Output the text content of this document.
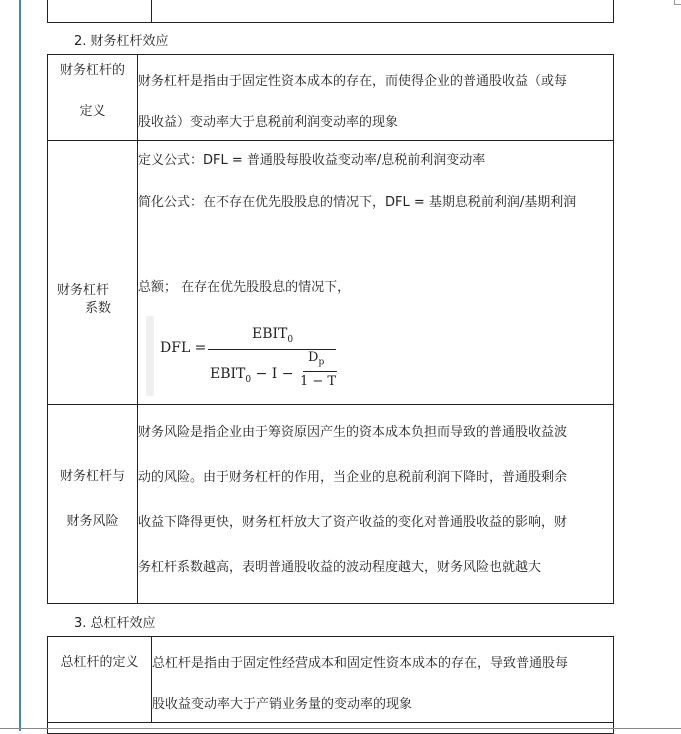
2. 财务杠杆效应
财务杠杆的
定义
财务杠杆是指由于固定性资本成本的存在，而使得企业的普通股收益（或每
股收益）变动率大于息税前利润变动率的现象
财务杠杆
系数
定义公式：DFL = 普通股每股收益变动率/息税前利润变动率
简化公式：在不存在优先股股息的情况下，DFL = 基期息税前利润/基期利润
总额； 在存在优先股股息的情况下，
DFL =
$EBIT_0$
$EBIT_0 - I$ −
$D_p$
1 − T
财务杠杆与
财务风险
财务风险是指企业由于筹资原因产生的资本成本负担而导致的普通股收益波
动的风险。由于财务杠杆的作用，当企业的息税前利润下降时，普通股剩余
收益下降得更快，财务杠杆放大了资产收益的变化对普通股收益的影响，财
务杠杆系数越高，表明普通股收益的波动程度越大，财务风险也就越大
3. 总杠杆效应
总杠杆的定义	总杠杆是指由于固定性经营成本和固定性资本成本的存在，导致普通股每
股收益变动率大于产销业务量的变动率的现象
